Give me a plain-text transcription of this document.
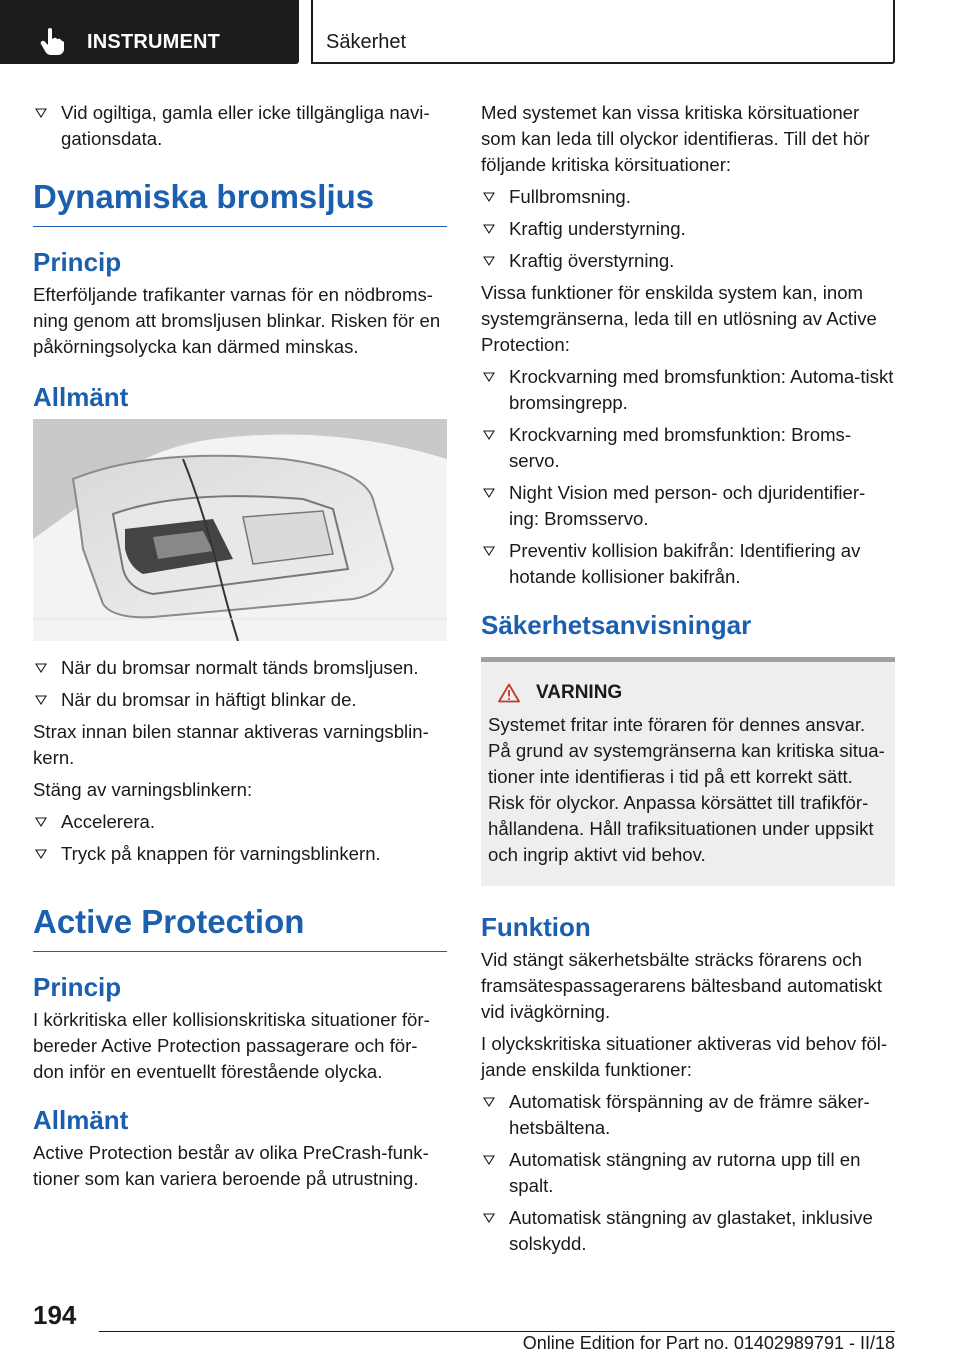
INSTRUMENT	Säkerhet
Vid ogiltiga, gamla eller icke tillgängliga navi-gationsdata.
Dynamiska bromsljus
Princip

Efterföljande trafikanter varnas för en nödbroms-ning genom att bromsljusen blinkar. Risken för en påkörningsolycka kan därmed minskas.

Allmänt
När du bromsar normalt tänds bromsljusen.
När du bromsar in häftigt blinkar de.

Strax innan bilen stannar aktiveras varningsblin-kern.

Stäng av varningsblinkern:

Accelerera.
Tryck på knappen för varningsblinkern.
Active Protection
Princip

I körkritiska eller kollisionskritiska situationer för-bereder Active Protection passagerare och för-don inför en eventuellt förestående olycka.

Allmänt

Active Protection består av olika PreCrash-funk-tioner som kan variera beroende på utrustning.

Med systemet kan vissa kritiska körsituationer som kan leda till olyckor identifieras. Till det hör följande kritiska körsituationer:

Fullbromsning.
Kraftig understyrning.
Kraftig överstyrning.

Vissa funktioner för enskilda system kan, inom systemgränserna, leda till en utlösning av Active Protection:

Krockvarning med bromsfunktion: Automa-tiskt bromsingrepp.
Krockvarning med bromsfunktion: Broms-servo.
Night Vision med person- och djuridentifier-ing: Bromsservo.
Preventiv kollision bakifrån: Identifiering av hotande kollisioner bakifrån.
Säkerhetsanvisningar
VARNING

Systemet fritar inte föraren för dennes ansvar. På grund av systemgränserna kan kritiska situa-tioner inte identifieras i tid på ett korrekt sätt. Risk för olyckor. Anpassa körsättet till trafikför-hållandena. Håll trafiksituationen under uppsikt och ingrip aktivt vid behov.

Funktion

Vid stängt säkerhetsbälte sträcks förarens och framsätespassagerarens bältesband automatiskt vid ivägkörning.

I olyckskritiska situationer aktiveras vid behov föl-jande enskilda funktioner:

Automatisk förspänning av de främre säker-hetsbältena.
Automatisk stängning av rutorna upp till en spalt.
Automatisk stängning av glastaket, inklusive solskydd.
194
Online Edition for Part no. 01402989791 - II/18
